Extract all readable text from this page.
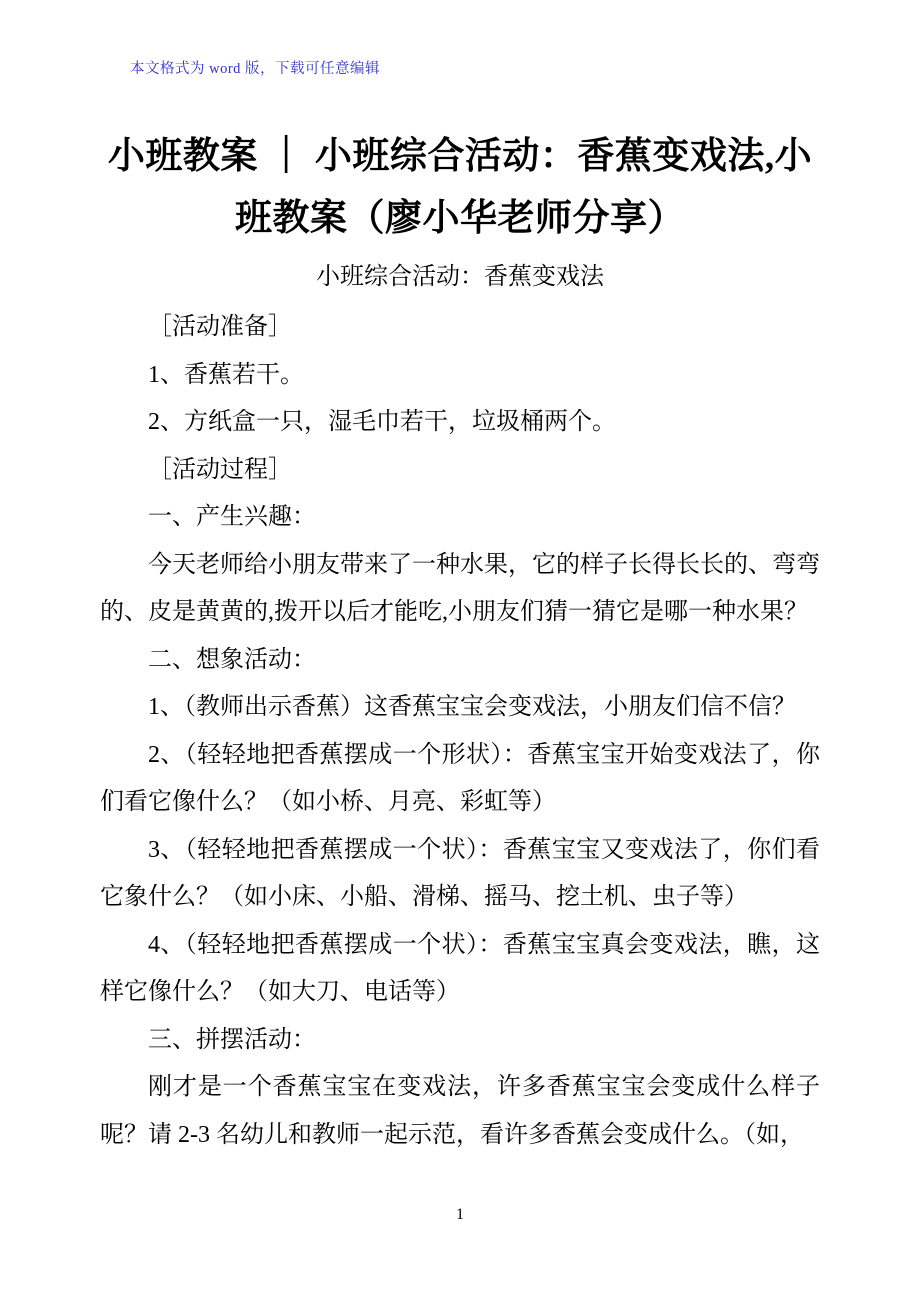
本文格式为 word 版，下载可任意编辑
小班教案 ｜ 小班综合活动：香蕉变戏法,小班教案（廖小华老师分享）
小班综合活动：香蕉变戏法

［活动准备］

1、香蕉若干。

2、方纸盒一只，湿毛巾若干，垃圾桶两个。

［活动过程］

一、产生兴趣：

今天老师给小朋友带来了一种水果，它的样子长得长长的、弯弯的、皮是黄黄的,拨开以后才能吃,小朋友们猜一猜它是哪一种水果？

二、想象活动：

1、（教师出示香蕉）这香蕉宝宝会变戏法，小朋友们信不信？

2、（轻轻地把香蕉摆成一个形状）：香蕉宝宝开始变戏法了，你们看它像什么？（如小桥、月亮、彩虹等）

3、（轻轻地把香蕉摆成一个状）：香蕉宝宝又变戏法了，你们看它象什么？（如小床、小船、滑梯、摇马、挖土机、虫子等）

4、（轻轻地把香蕉摆成一个状）：香蕉宝宝真会变戏法，瞧，这样它像什么？（如大刀、电话等）

三、拼摆活动：

刚才是一个香蕉宝宝在变戏法，许多香蕉宝宝会变成什么样子呢？请 2-3 名幼儿和教师一起示范，看许多香蕉会变成什么。（如，

1
